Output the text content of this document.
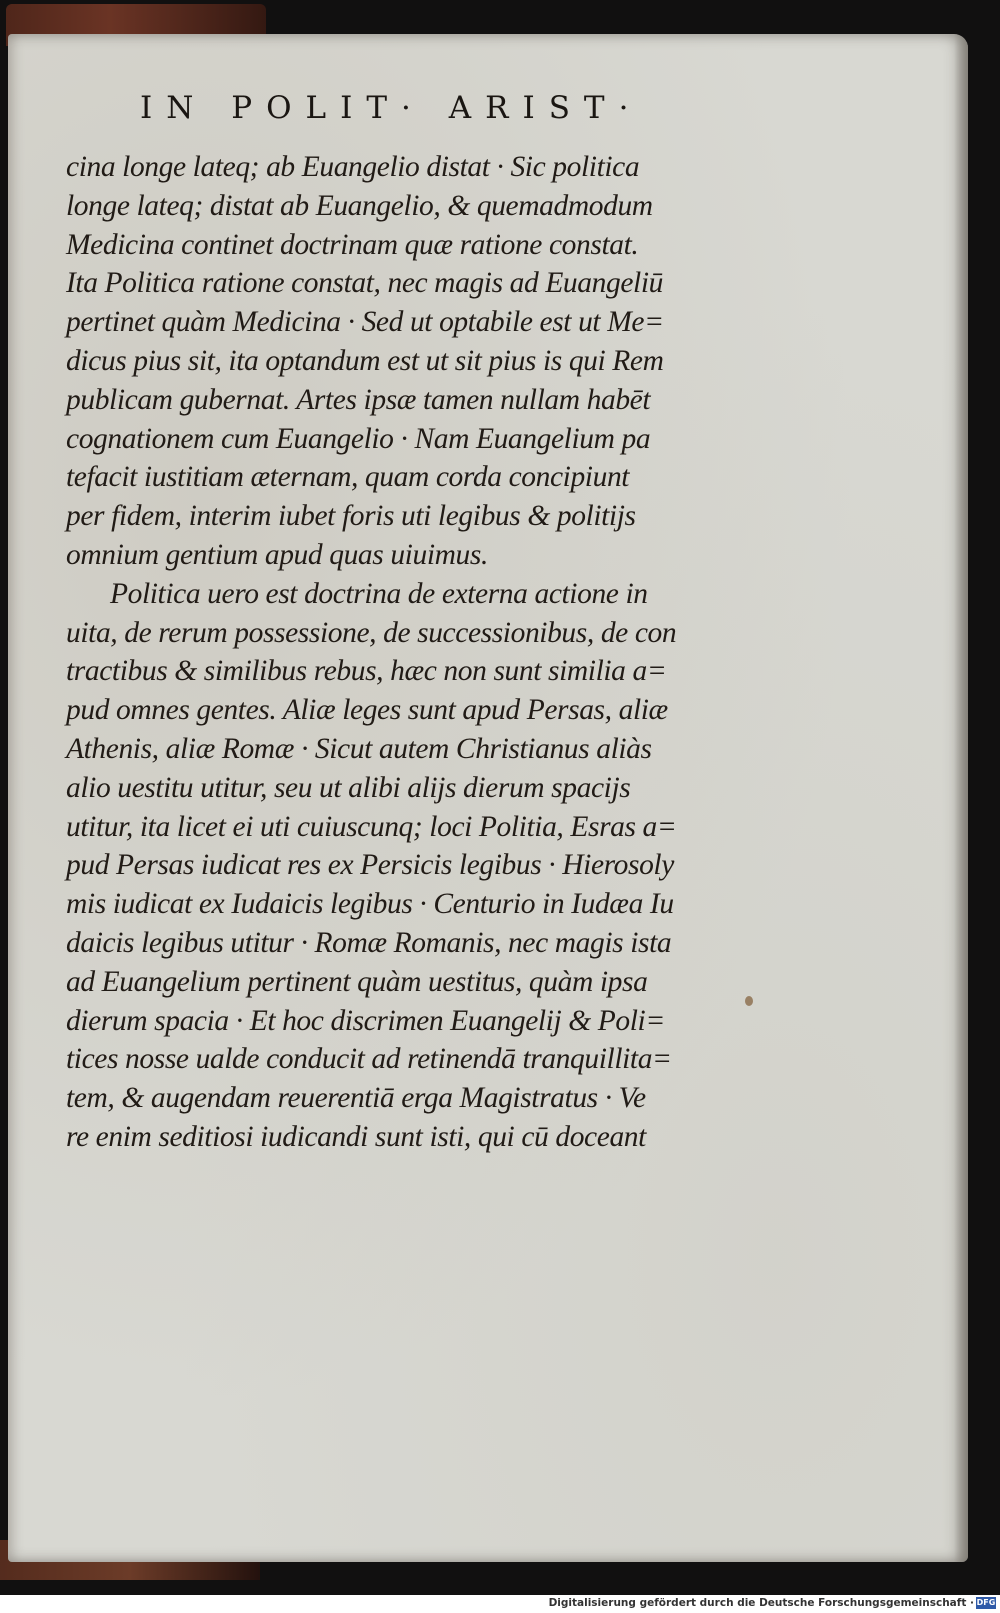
IN POLIT· ARIST·
cina longe lateq; ab Euangelio distat · Sic politica
longe lateq; distat ab Euangelio, & quemadmodum
Medicina continet doctrinam quæ ratione constat.
Ita Politica ratione constat, nec magis ad Euangeliū
pertinet quàm Medicina · Sed ut optabile est ut Me=
dicus pius sit, ita optandum est ut sit pius is qui Rem
publicam gubernat. Artes ipsæ tamen nullam habēt
cognationem cum Euangelio · Nam Euangelium pa
tefacit iustitiam æternam, quam corda concipiunt
per fidem, interim iubet foris uti legibus & politijs
omnium gentium apud quas uiuimus.
Politica uero est doctrina de externa actione in
uita, de rerum possessione, de successionibus, de con
tractibus & similibus rebus, hæc non sunt similia a=
pud omnes gentes. Aliæ leges sunt apud Persas, aliæ
Athenis, aliæ Romæ · Sicut autem Christianus aliàs
alio uestitu utitur, seu ut alibi alijs dierum spacijs
utitur, ita licet ei uti cuiuscunq; loci Politia, Esras a=
pud Persas iudicat res ex Persicis legibus · Hierosoly
mis iudicat ex Iudaicis legibus · Centurio in Iudæa Iu
daicis legibus utitur · Romæ Romanis, nec magis ista
ad Euangelium pertinent quàm uestitus, quàm ipsa
dierum spacia · Et hoc discrimen Euangelij & Poli=
tices nosse ualde conducit ad retinendā tranquillita=
tem, & augendam reuerentiā erga Magistratus · Ve
re enim seditiosi iudicandi sunt isti, qui cū doceant
Digitalisierung gefördert durch die Deutsche Forschungsgemeinschaft · DFG
